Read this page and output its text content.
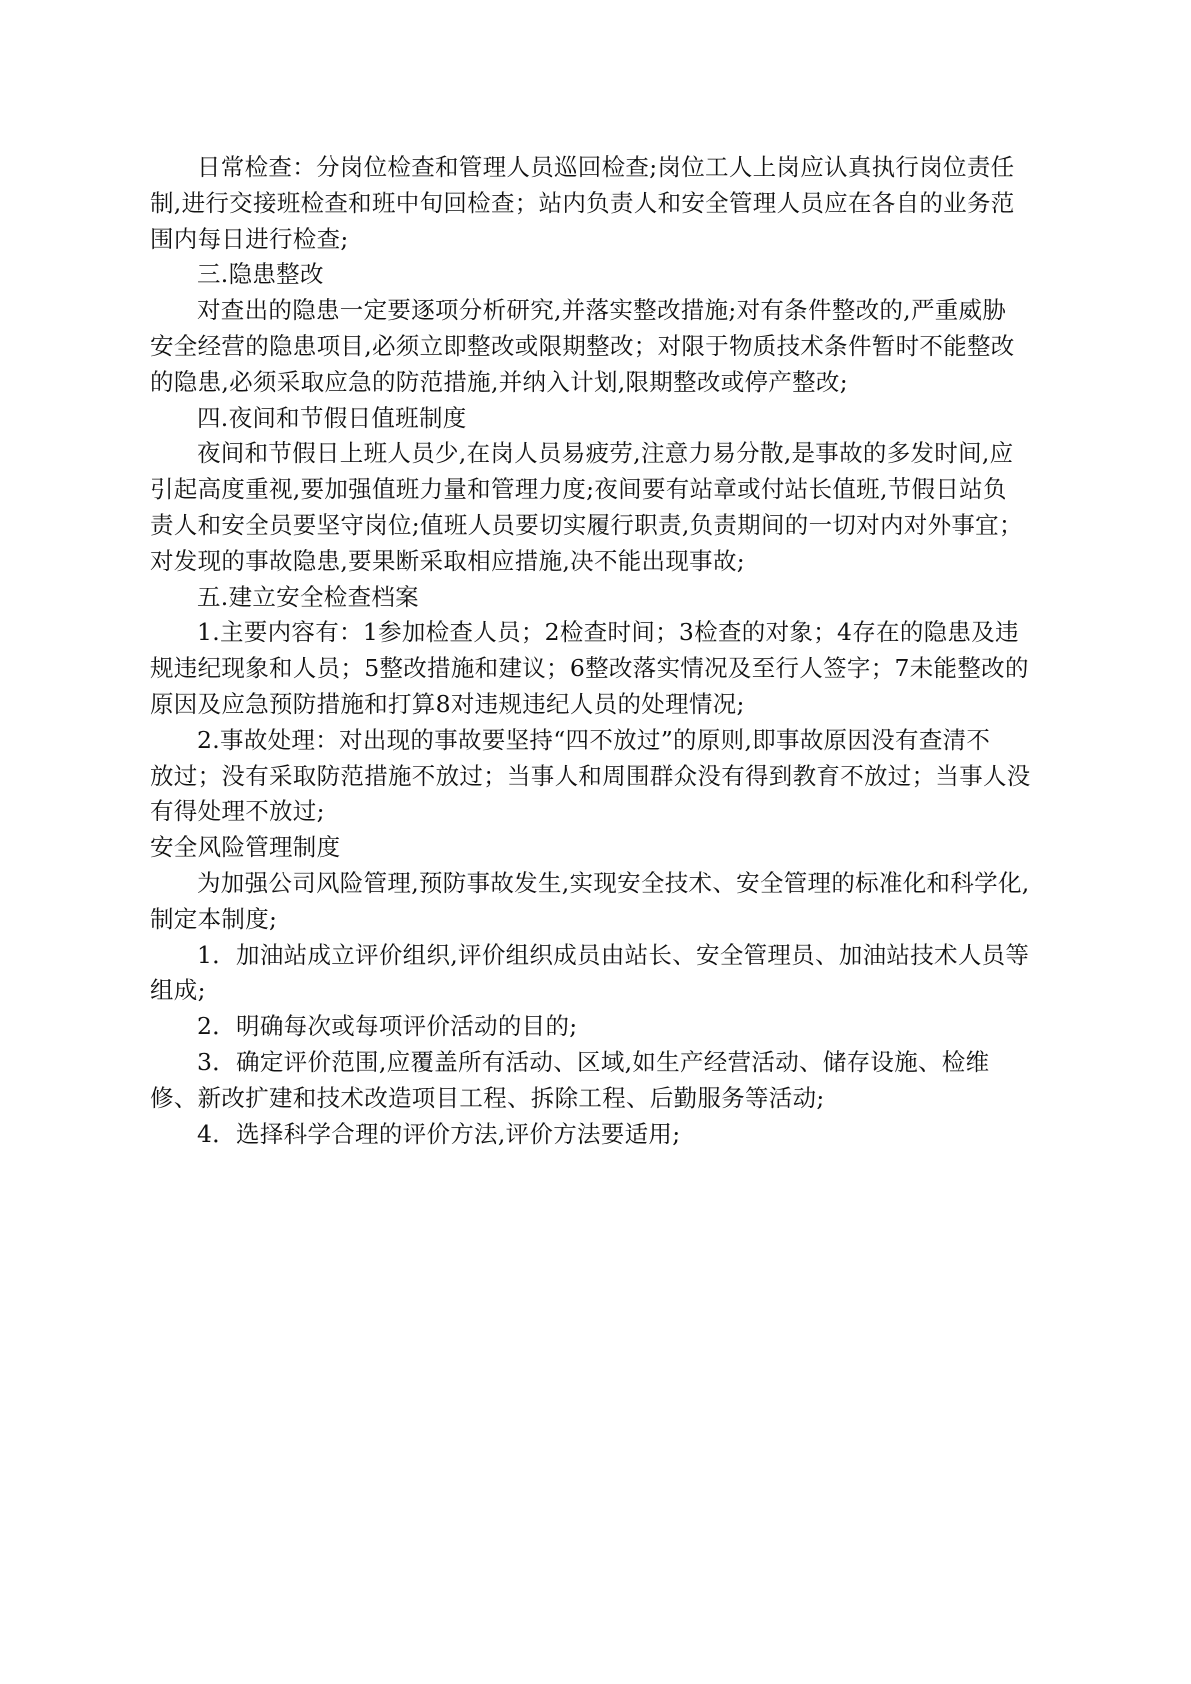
日常检查：分岗位检查和管理人员巡回检查;岗位工人上岗应认真执行岗位责任
制,进行交接班检查和班中旬回检查；站内负责人和安全管理人员应在各自的业务范
围内每日进行检查;

三.隐患整改

对查出的隐患一定要逐项分析研究,并落实整改措施;对有条件整改的,严重威胁
安全经营的隐患项目,必须立即整改或限期整改；对限于物质技术条件暂时不能整改
的隐患,必须采取应急的防范措施,并纳入计划,限期整改或停产整改;

四.夜间和节假日值班制度

夜间和节假日上班人员少,在岗人员易疲劳,注意力易分散,是事故的多发时间,应
引起高度重视,要加强值班力量和管理力度;夜间要有站章或付站长值班,节假日站负
责人和安全员要坚守岗位;值班人员要切实履行职责,负责期间的一切对内对外事宜；
对发现的事故隐患,要果断采取相应措施,决不能出现事故;

五.建立安全检查档案

1.主要内容有：1参加检查人员；2检查时间；3检查的对象；4存在的隐患及违
规违纪现象和人员；5整改措施和建议；6整改落实情况及至行人签字；7未能整改的
原因及应急预防措施和打算8对违规违纪人员的处理情况;

2.事故处理：对出现的事故要坚持“四不放过”的原则,即事故原因没有查清不
放过；没有采取防范措施不放过；当事人和周围群众没有得到教育不放过；当事人没
有得处理不放过;

安全风险管理制度

为加强公司风险管理,预防事故发生,实现安全技术、安全管理的标准化和科学化,
制定本制度;

1．加油站成立评价组织,评价组织成员由站长、安全管理员、加油站技术人员等
组成;

2．明确每次或每项评价活动的目的;

3．确定评价范围,应覆盖所有活动、区域,如生产经营活动、储存设施、检维
修、新改扩建和技术改造项目工程、拆除工程、后勤服务等活动;

4．选择科学合理的评价方法,评价方法要适用;
